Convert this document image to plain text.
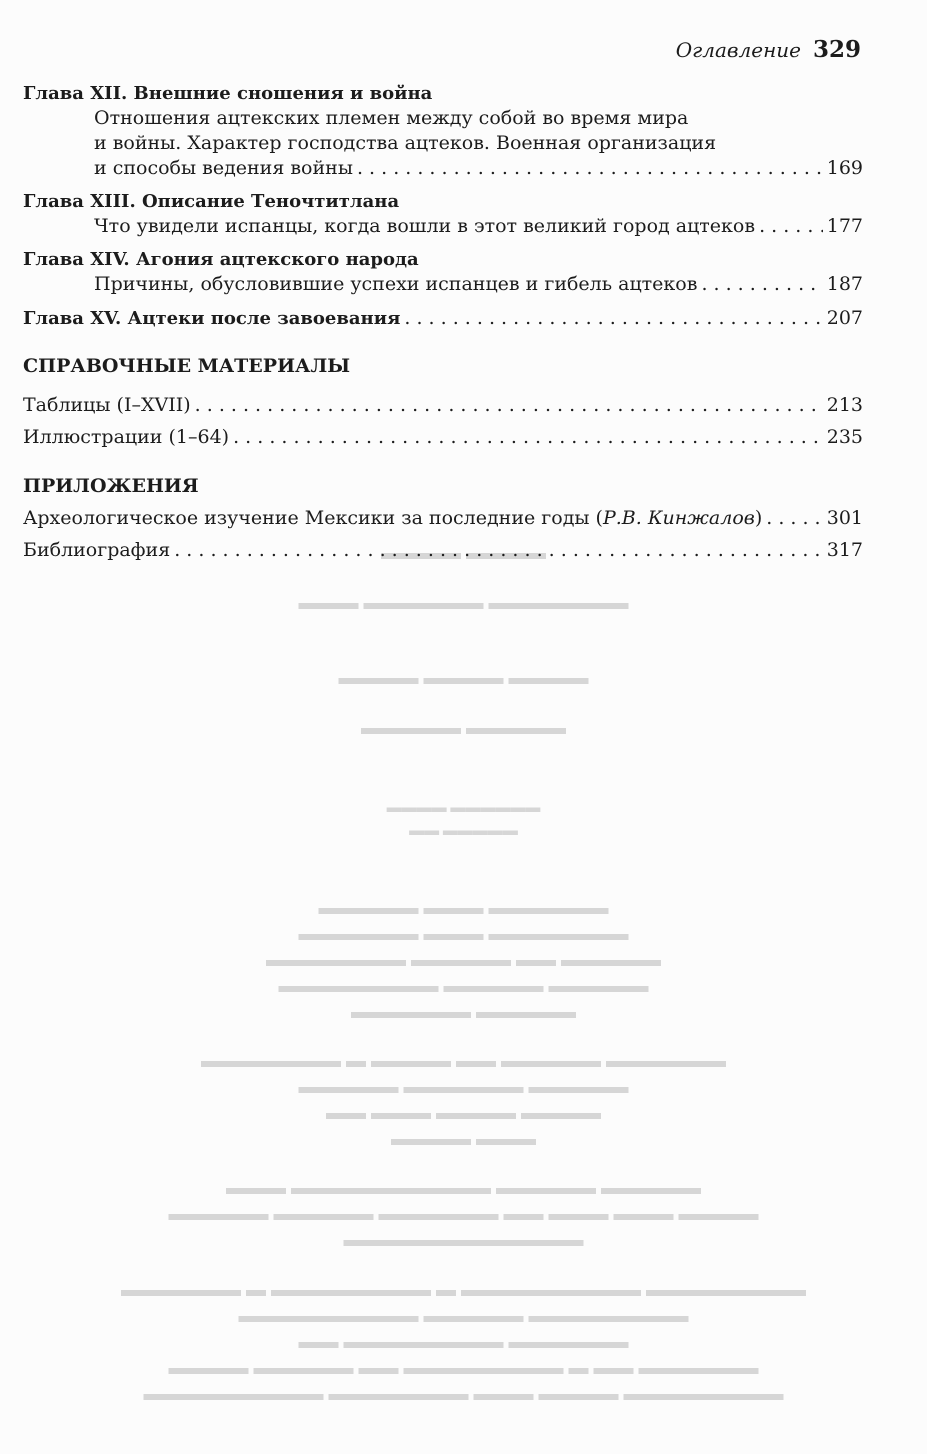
▬▬▬▬ ▬▬▬▬
▬▬▬ ▬▬▬▬▬▬ ▬▬▬▬▬▬▬
▬▬▬▬ ▬▬▬▬ ▬▬▬▬
▬▬▬▬▬ ▬▬▬▬▬
▬▬▬▬ ▬▬▬▬▬▬
▬▬ ▬▬▬▬▬
▬▬▬▬▬ ▬▬▬ ▬▬▬▬▬▬
▬▬▬▬▬▬ ▬▬▬ ▬▬▬▬▬▬▬
▬▬▬▬▬▬▬ ▬▬▬▬▬ ▬▬ ▬▬▬▬▬
▬▬▬▬▬▬▬▬ ▬▬▬▬▬ ▬▬▬▬▬
▬▬▬▬▬▬ ▬▬▬▬▬
▬▬▬▬▬▬▬ ▬ ▬▬▬▬ ▬▬ ▬▬▬▬▬ ▬▬▬▬▬▬
▬▬▬▬▬ ▬▬▬▬▬▬ ▬▬▬▬▬
▬▬ ▬▬▬ ▬▬▬▬ ▬▬▬▬
▬▬▬▬ ▬▬▬
▬▬▬ ▬▬▬▬▬▬▬▬▬▬ ▬▬▬▬▬ ▬▬▬▬▬
▬▬▬▬▬ ▬▬▬▬▬ ▬▬▬▬▬▬ ▬▬ ▬▬▬ ▬▬▬ ▬▬▬▬
▬▬▬▬▬▬▬▬▬▬▬▬
▬▬▬▬▬▬ ▬ ▬▬▬▬▬▬▬▬ ▬ ▬▬▬▬▬▬▬▬▬ ▬▬▬▬▬▬▬▬
▬▬▬▬▬▬▬▬▬ ▬▬▬▬▬ ▬▬▬▬▬▬▬▬
▬▬ ▬▬▬▬▬▬▬▬ ▬▬▬▬▬▬
▬▬▬▬ ▬▬▬▬▬ ▬▬ ▬▬▬▬▬▬▬▬ ▬ ▬▬ ▬▬▬▬▬▬
▬▬▬▬▬▬▬▬▬ ▬▬▬▬▬▬▬ ▬▬▬ ▬▬▬▬ ▬▬▬▬▬▬▬▬
Оглавление 329
Глава XII. Внешние сношения и война
Отношения ацтекских племен между собой во время мира
и войны. Характер господства ацтеков. Военная организация
и способы ведения войны . . .	169
Глава XIII. Описание Теночтитлана
Что увидели испанцы, когда вошли в этот великий город ацтеков . . .	177
Глава XIV. Агония ацтекского народа
Причины, обусловившие успехи испанцев и гибель ацтеков . . .	187
Глава XV. Ацтеки после завоевания . . .	207
СПРАВОЧНЫЕ МАТЕРИАЛЫ
Таблицы (I–XVII) . . .	213
Иллюстрации (1–64) . . .	235
ПРИЛОЖЕНИЯ
Археологическое изучение Мексики за последние годы (Р.В. Кинжалов) . . .	301
Библиография . . .	317
